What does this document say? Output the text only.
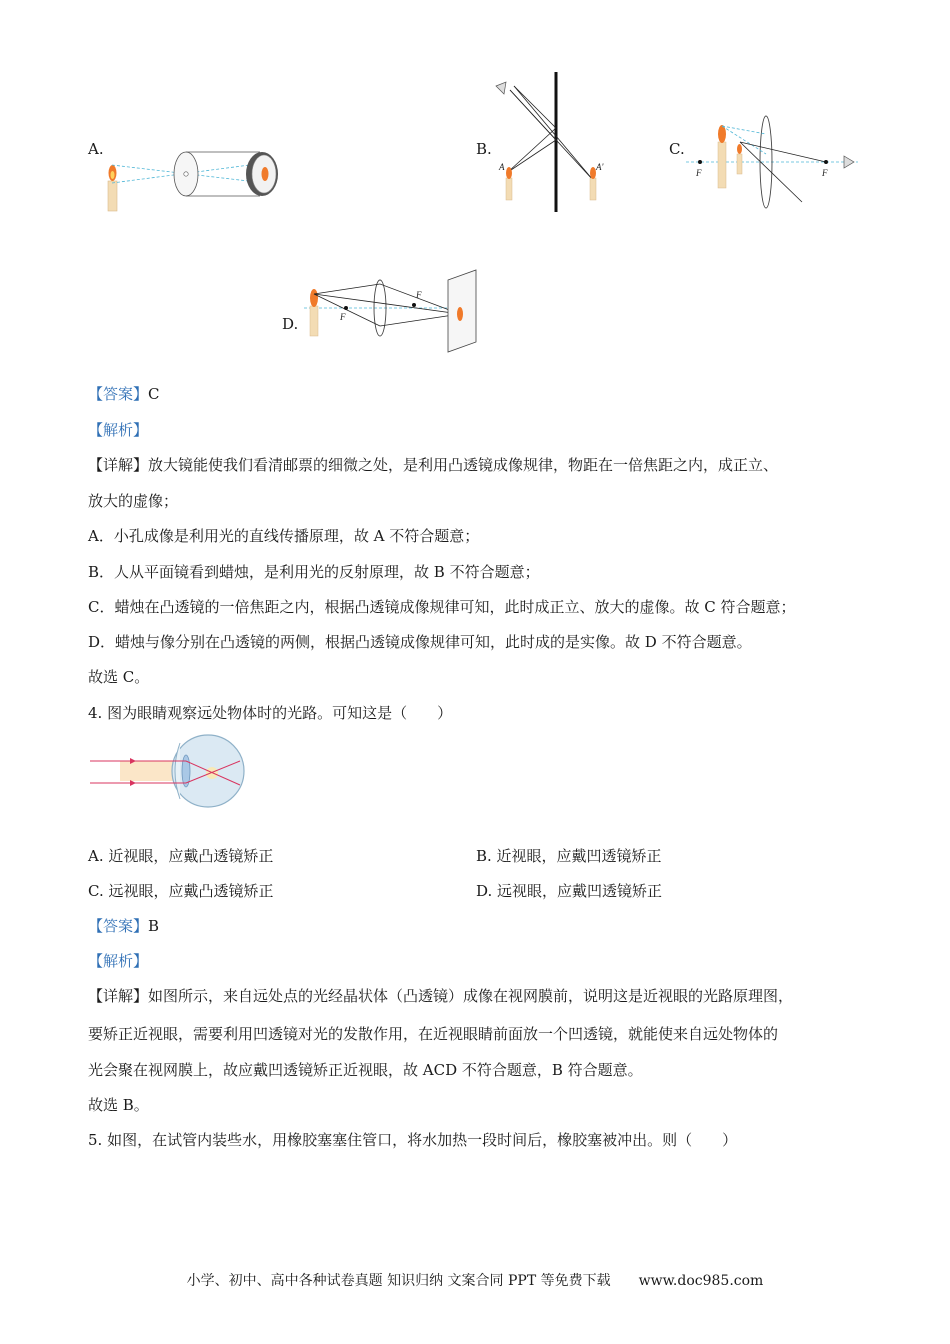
A.	B.
A	A'
C.
F	F
D.	F
F
【答案】C
【解析】
【详解】放大镜能使我们看清邮票的细微之处，是利用凸透镜成像规律，物距在一倍焦距之内，成正立、
放大的虚像；
A．小孔成像是利用光的直线传播原理，故 A 不符合题意；
B．人从平面镜看到蜡烛，是利用光的反射原理，故 B 不符合题意；
C．蜡烛在凸透镜的一倍焦距之内，根据凸透镜成像规律可知，此时成正立、放大的虚像。故 C 符合题意；
D．蜡烛与像分别在凸透镜的两侧，根据凸透镜成像规律可知，此时成的是实像。故 D 不符合题意。
故选 C。
4. 图为眼睛观察远处物体时的光路。可知这是（　　）
A. 近视眼，应戴凸透镜矫正	B. 近视眼，应戴凹透镜矫正
C. 远视眼，应戴凸透镜矫正	D. 远视眼，应戴凹透镜矫正
【答案】B
【解析】
【详解】如图所示，来自远处点的光经晶状体（凸透镜）成像在视网膜前，说明这是近视眼的光路原理图，
要矫正近视眼，需要利用凹透镜对光的发散作用，在近视眼睛前面放一个凹透镜，就能使来自远处物体的
光会聚在视网膜上，故应戴凹透镜矫正近视眼，故 ACD 不符合题意，B 符合题意。
故选 B。
5. 如图，在试管内装些水，用橡胶塞塞住管口，将水加热一段时间后，橡胶塞被冲出。则（　　）
小学、初中、高中各种试卷真题 知识归纳 文案合同 PPT 等免费下载　　www.doc985.com
